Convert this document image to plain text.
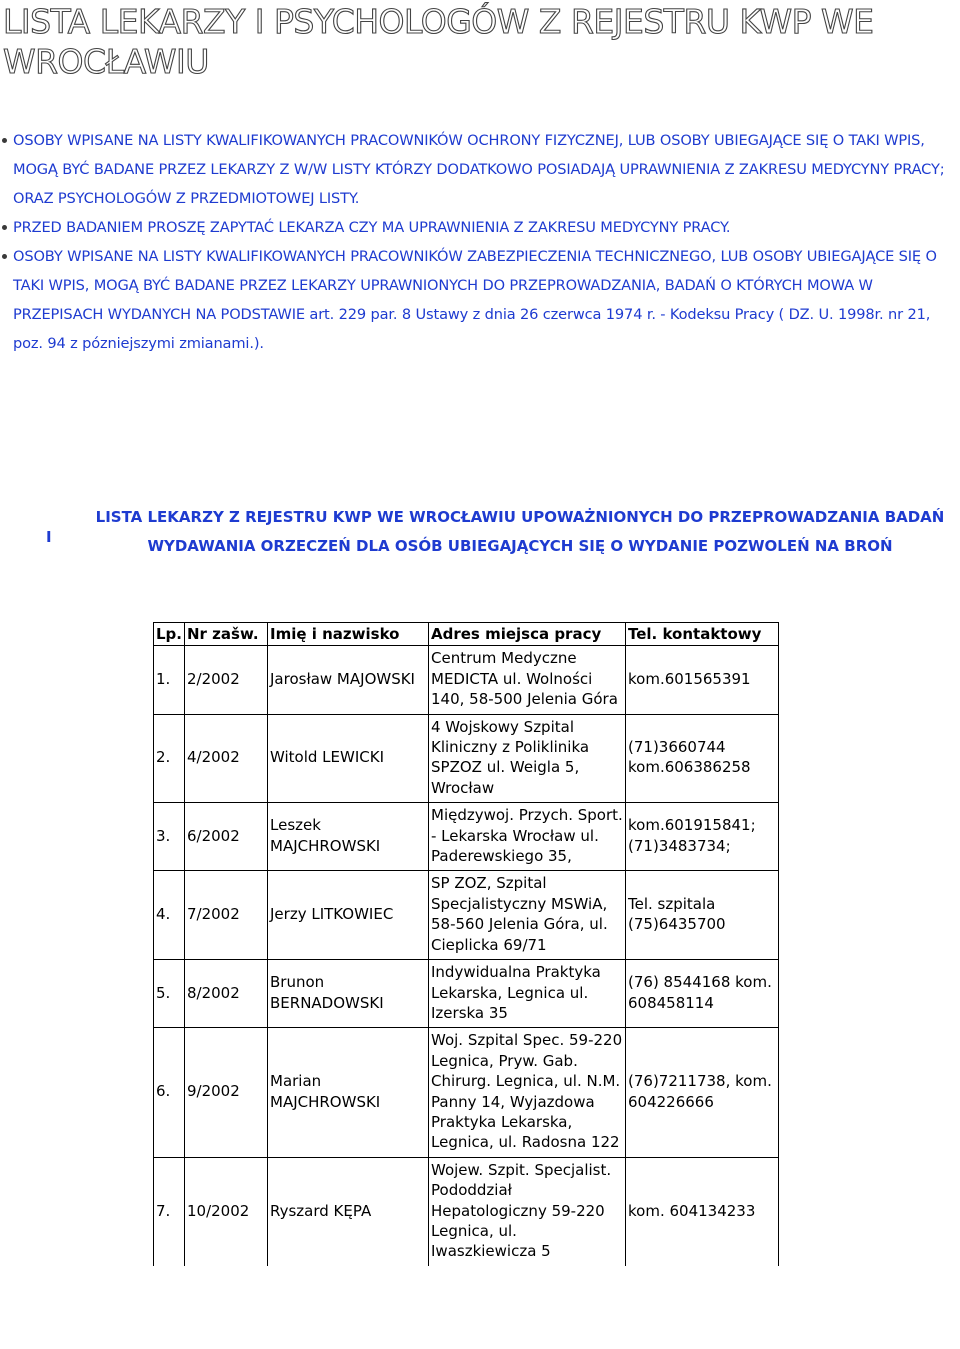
LISTA LEKARZY I PSYCHOLOGÓW Z REJESTRU KWP WE WROCŁAWIU
OSOBY WPISANE NA LISTY KWALIFIKOWANYCH PRACOWNIKÓW OCHRONY FIZYCZNEJ, LUB OSOBY UBIEGAJĄCE SIĘ O TAKI WPIS, MOGĄ BYĆ BADANE PRZEZ LEKARZY Z W/W LISTY KTÓRZY DODATKOWO POSIADAJĄ UPRAWNIENIA Z ZAKRESU MEDYCYNY PRACY; ORAZ PSYCHOLOGÓW Z PRZEDMIOTOWEJ LISTY.
PRZED BADANIEM PROSZĘ ZAPYTAĆ LEKARZA CZY MA UPRAWNIENIA Z ZAKRESU MEDYCYNY PRACY.
OSOBY WPISANE NA LISTY KWALIFIKOWANYCH PRACOWNIKÓW ZABEZPIECZENIA TECHNICZNEGO, LUB OSOBY UBIEGAJĄCE SIĘ O TAKI WPIS, MOGĄ BYĆ BADANE PRZEZ LEKARZY UPRAWNIONYCH DO PRZEPROWADZANIA, BADAŃ O KTÓRYCH MOWA W PRZEPISACH WYDANYCH NA PODSTAWIE art. 229 par. 8 Ustawy z dnia 26 czerwca 1974 r. - Kodeksu Pracy ( DZ. U. 1998r. nr 21, poz. 94 z pózniejszymi zmianami.).
I
LISTA LEKARZY Z REJESTRU KWP WE WROCŁAWIU UPOWAŻNIONYCH DO PRZEPROWADZANIA BADAŃ
WYDAWANIA ORZECZEŃ DLA OSÓB UBIEGAJĄCYCH SIĘ O WYDANIE POZWOLEŃ NA BROŃ
Lp.	Nr zašw.	Imię i nazwisko	Adres miejsca pracy	Tel. kontaktowy
1.	2/2002	Jarosław MAJOWSKI	Centrum Medyczne MEDICTA ul. Wolności 140, 58-500 Jelenia Góra	kom.601565391
2.	4/2002	Witold LEWICKI	4 Wojskowy Szpital Kliniczny z Poliklinika SPZOZ ul. Weigla 5, Wrocław	(71)3660744 kom.606386258
3.	6/2002	Leszek MAJCHROWSKI	Międzywoj. Przych. Sport. - Lekarska Wrocław ul. Paderewskiego 35,	kom.601915841; (71)3483734;
4.	7/2002	Jerzy LITKOWIEC	SP ZOZ, Szpital Specjalistyczny MSWiA, 58-560 Jelenia Góra, ul. Cieplicka 69/71	Tel. szpitala (75)6435700
5.	8/2002	Brunon BERNADOWSKI	Indywidualna Praktyka Lekarska, Legnica ul. Izerska 35	(76) 8544168 kom. 608458114
6.	9/2002	Marian MAJCHROWSKI	Woj. Szpital Spec. 59-220 Legnica, Pryw. Gab. Chirurg. Legnica, ul. N.M. Panny 14, Wyjazdowa Praktyka Lekarska, Legnica, ul. Radosna 122	(76)7211738, kom. 604226666
7.	10/2002	Ryszard KĘPA	Wojew. Szpit. Specjalist. Pododdział Hepatologiczny 59-220 Legnica, ul. Iwaszkiewicza 5	kom. 604134233
